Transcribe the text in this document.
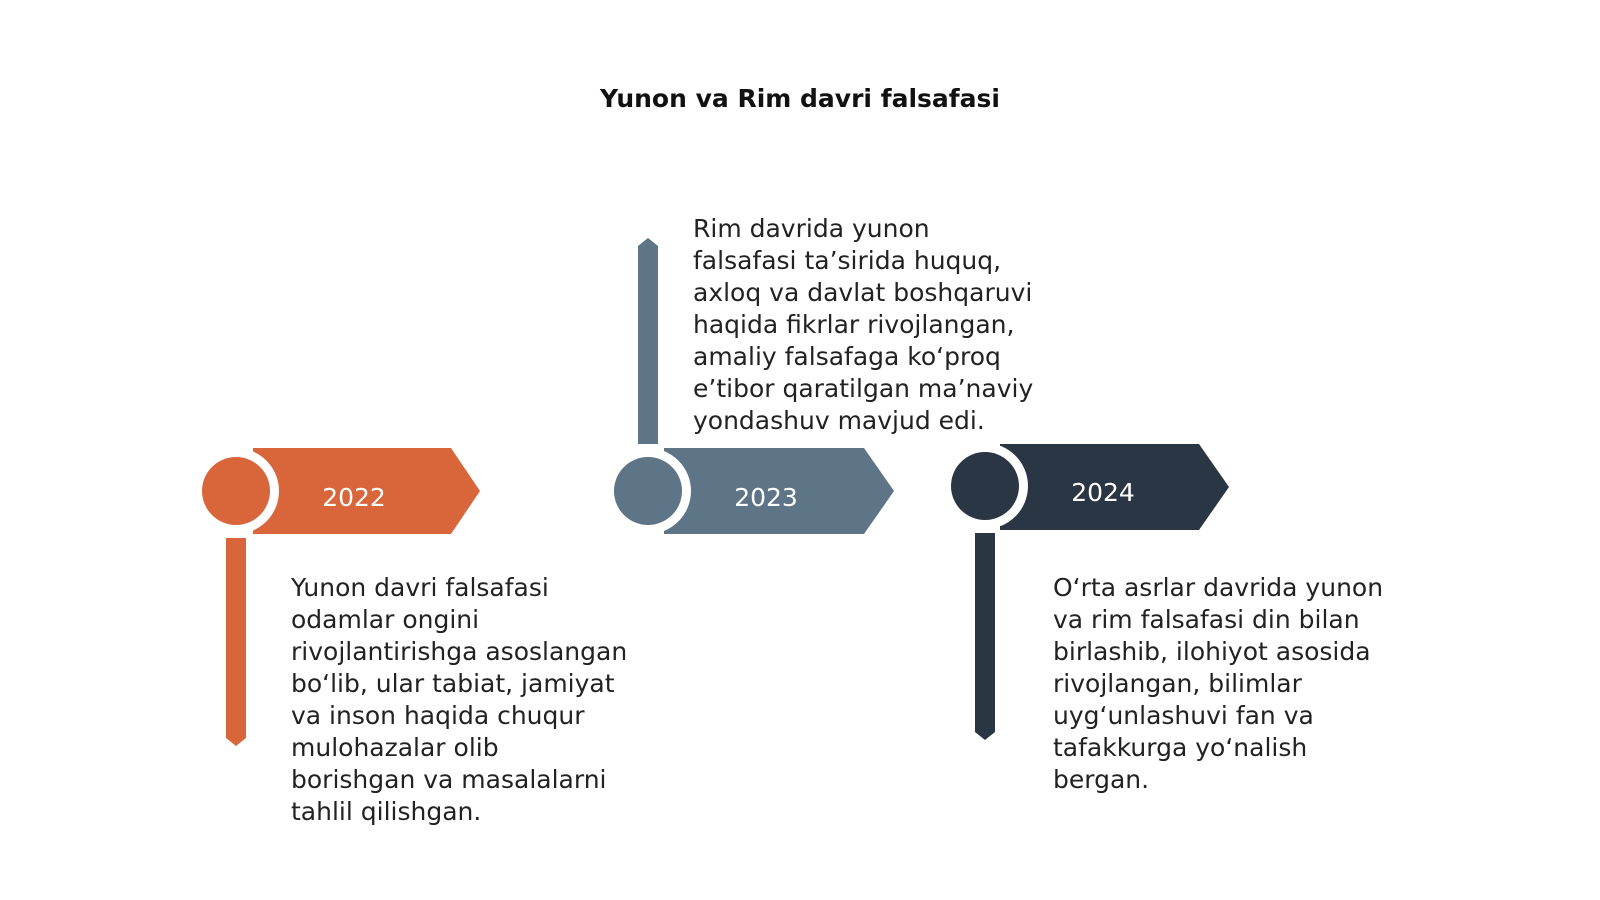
Yunon va Rim davri falsafasi
2022	2023	2024
Yunon davri falsafasi
odamlar ongini
rivojlantirishga asoslangan
bo‘lib, ular tabiat, jamiyat
va inson haqida chuqur
mulohazalar olib
borishgan va masalalarni
tahlil qilishgan.
Rim davrida yunon
falsafasi ta’sirida huquq,
axloq va davlat boshqaruvi
haqida fikrlar rivojlangan,
amaliy falsafaga ko‘proq
e’tibor qaratilgan ma’naviy
yondashuv mavjud edi.
O‘rta asrlar davrida yunon
va rim falsafasi din bilan
birlashib, ilohiyot asosida
rivojlangan, bilimlar
uyg‘unlashuvi fan va
tafakkurga yo‘nalish
bergan.
